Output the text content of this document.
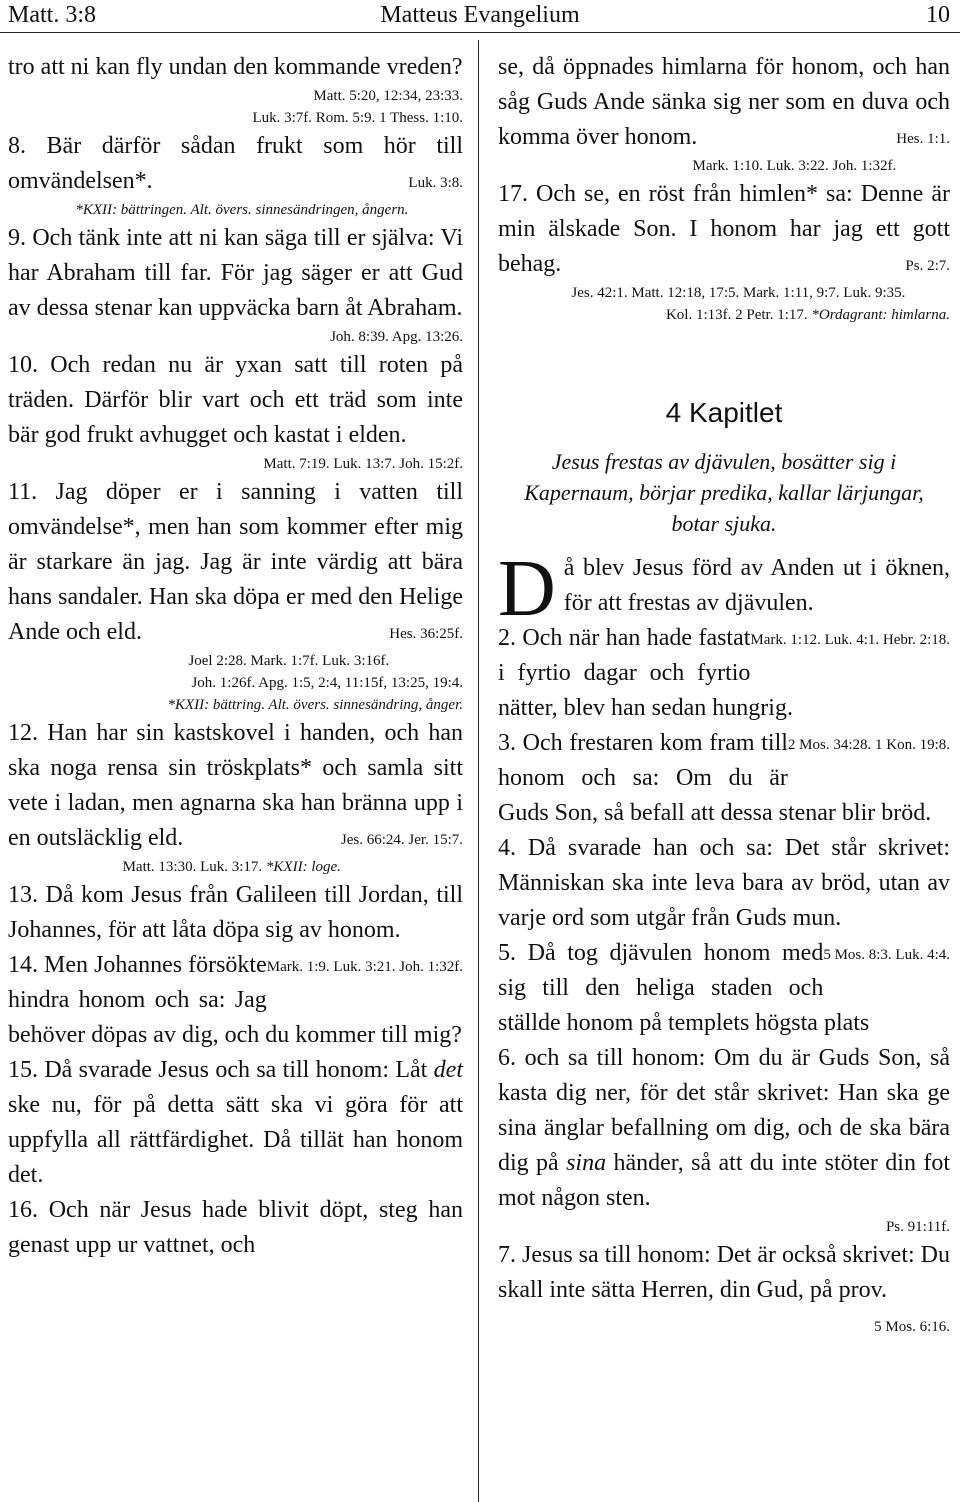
Matt. 3:8	Matteus Evangelium	10

tro att ni kan fly undan den kommande vreden?

Matt. 5:20, 12:34, 23:33.

Luk. 3:7f. Rom. 5:9. 1 Thess. 1:10.

8. Bär därför sådan frukt som hör till omvändelsen*.	Luk. 3:8.

*KXII: bättringen. Alt. övers. sinnesändringen, ångern.

9. Och tänk inte att ni kan säga till er själva: Vi har Abraham till far. För jag säger er att Gud av dessa stenar kan uppväcka barn åt Abraham.

Joh. 8:39. Apg. 13:26.

10. Och redan nu är yxan satt till roten på träden. Därför blir vart och ett träd som inte bär god frukt avhugget och kastat i elden.

Matt. 7:19. Luk. 13:7. Joh. 15:2f.

11. Jag döper er i sanning i vatten till omvändelse*, men han som kommer efter mig är starkare än jag. Jag är inte värdig att bära hans sandaler. Han ska döpa er med den Helige Ande och eld.	Hes. 36:25f.

Joel 2:28. Mark. 1:7f. Luk. 3:16f.

Joh. 1:26f. Apg. 1:5, 2:4, 11:15f, 13:25, 19:4.

*KXII: bättring. Alt. övers. sinnesändring, ånger.

12. Han har sin kastskovel i handen, och han ska noga rensa sin tröskplats* och samla sitt vete i ladan, men agnarna ska han bränna upp i en outsläcklig eld.	Jes. 66:24. Jer. 15:7.

Matt. 13:30. Luk. 3:17. *KXII: loge.

13. Då kom Jesus från Galileen till Jordan, till Johannes, för att låta döpa sig av honom.
Mark. 1:9. Luk. 3:21. Joh. 1:32f.

14. Men Johannes försökte hindra honom och sa: Jag behöver döpas av dig, och du kommer till mig?

15. Då svarade Jesus och sa till honom: Låt det ske nu, för på detta sätt ska vi göra för att uppfylla all rättfärdighet. Då tillät han honom det.

16. Och när Jesus hade blivit döpt, steg han genast upp ur vattnet, och

se, då öppnades himlarna för honom, och han såg Guds Ande sänka sig ner som en duva och komma över honom.	Hes. 1:1.

Mark. 1:10. Luk. 3:22. Joh. 1:32f.

17. Och se, en röst från himlen* sa: Denne är min älskade Son. I honom har jag ett gott behag.	Ps. 2:7.

Jes. 42:1. Matt. 12:18, 17:5. Mark. 1:11, 9:7. Luk. 9:35.

Kol. 1:13f. 2 Petr. 1:17. *Ordagrant: himlarna.

4 Kapitlet
Jesus frestas av djävulen, bosätter sig i Kapernaum, börjar predika, kallar lärjungar, botar sjuka.

Då blev Jesus förd av Anden ut i öknen, för att frestas av djävulen.
Mark. 1:12. Luk. 4:1. Hebr. 2:18.

2. Och när han hade fastat i fyrtio dagar och fyrtio nätter, blev han sedan hungrig.
2 Mos. 34:28. 1 Kon. 19:8.

3. Och frestaren kom fram till honom och sa: Om du är Guds Son, så befall att dessa stenar blir bröd.

4. Då svarade han och sa: Det står skrivet: Människan ska inte leva bara av bröd, utan av varje ord som utgår från Guds mun.
5 Mos. 8:3. Luk. 4:4.

5. Då tog djävulen honom med sig till den heliga staden och ställde honom på templets högsta plats

6. och sa till honom: Om du är Guds Son, så kasta dig ner, för det står skrivet: Han ska ge sina änglar befallning om dig, och de ska bära dig på sina händer, så att du inte stöter din fot mot någon sten.

Ps. 91:11f.

7. Jesus sa till honom: Det är också skrivet: Du skall inte sätta Herren, din Gud, på prov.
5 Mos. 6:16.
